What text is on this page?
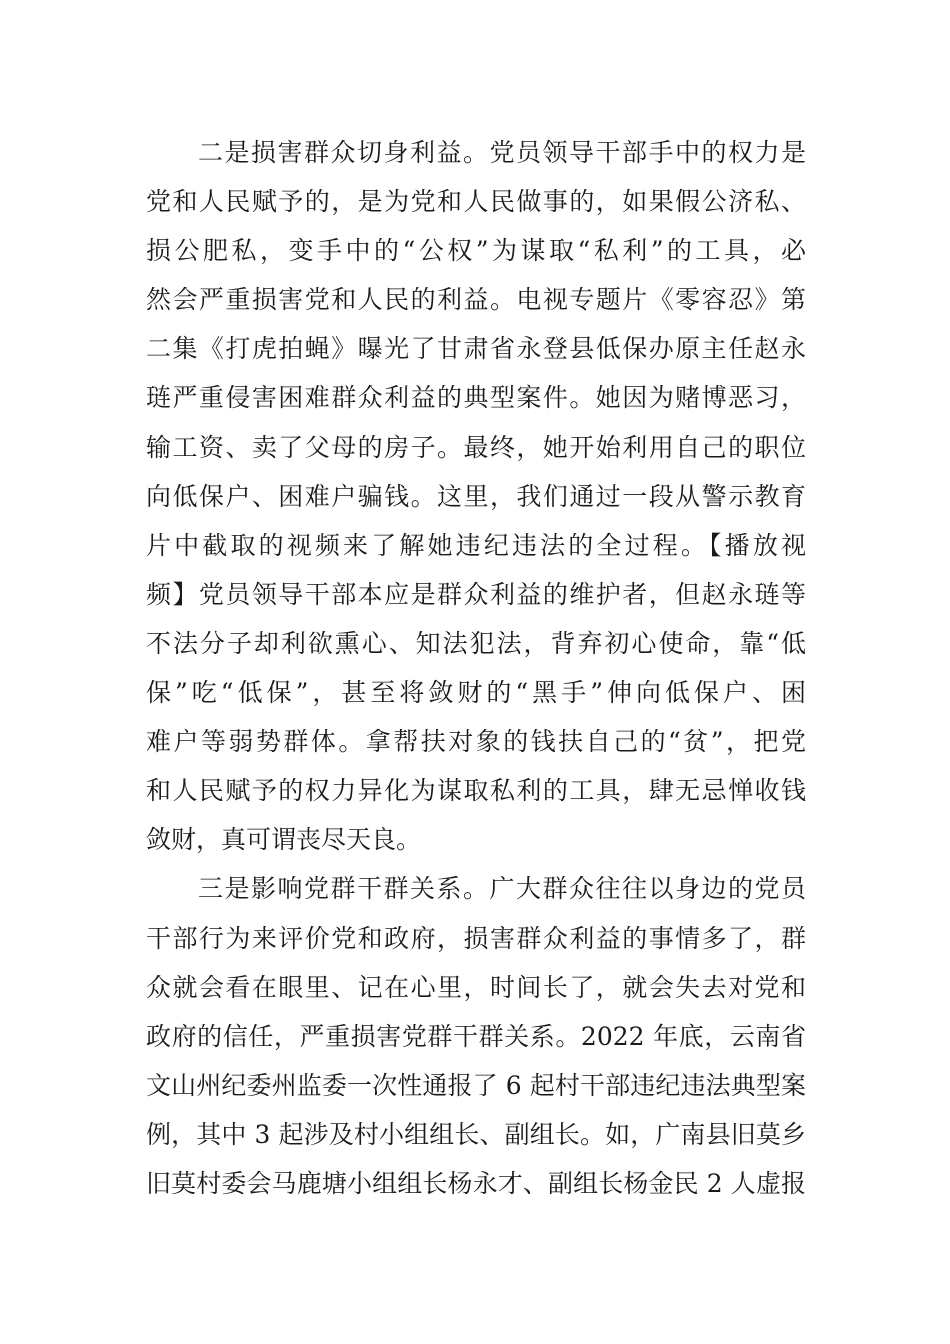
二是损害群众切身利益。党员领导干部手中的权力是
党和人民赋予的，是为党和人民做事的，如果假公济私、
损公肥私，变手中的“公权”为谋取“私利”的工具，必
然会严重损害党和人民的利益。电视专题片《零容忍》第
二集《打虎拍蝇》曝光了甘肃省永登县低保办原主任赵永
琏严重侵害困难群众利益的典型案件。她因为赌博恶习，
输工资、卖了父母的房子。最终，她开始利用自己的职位
向低保户、困难户骗钱。这里，我们通过一段从警示教育
片中截取的视频来了解她违纪违法的全过程。【播放视
频】党员领导干部本应是群众利益的维护者，但赵永琏等
不法分子却利欲熏心、知法犯法，背弃初心使命，靠“低
保”吃“低保”，甚至将敛财的“黑手”伸向低保户、困
难户等弱势群体。拿帮扶对象的钱扶自己的“贫”，把党
和人民赋予的权力异化为谋取私利的工具，肆无忌惮收钱
敛财，真可谓丧尽天良。
三是影响党群干群关系。广大群众往往以身边的党员
干部行为来评价党和政府，损害群众利益的事情多了，群
众就会看在眼里、记在心里，时间长了，就会失去对党和
政府的信任，严重损害党群干群关系。2022 年底，云南省
文山州纪委州监委一次性通报了 6 起村干部违纪违法典型案
例，其中 3 起涉及村小组组长、副组长。如，广南县旧莫乡
旧莫村委会马鹿塘小组组长杨永才、副组长杨金民 2 人虚报
